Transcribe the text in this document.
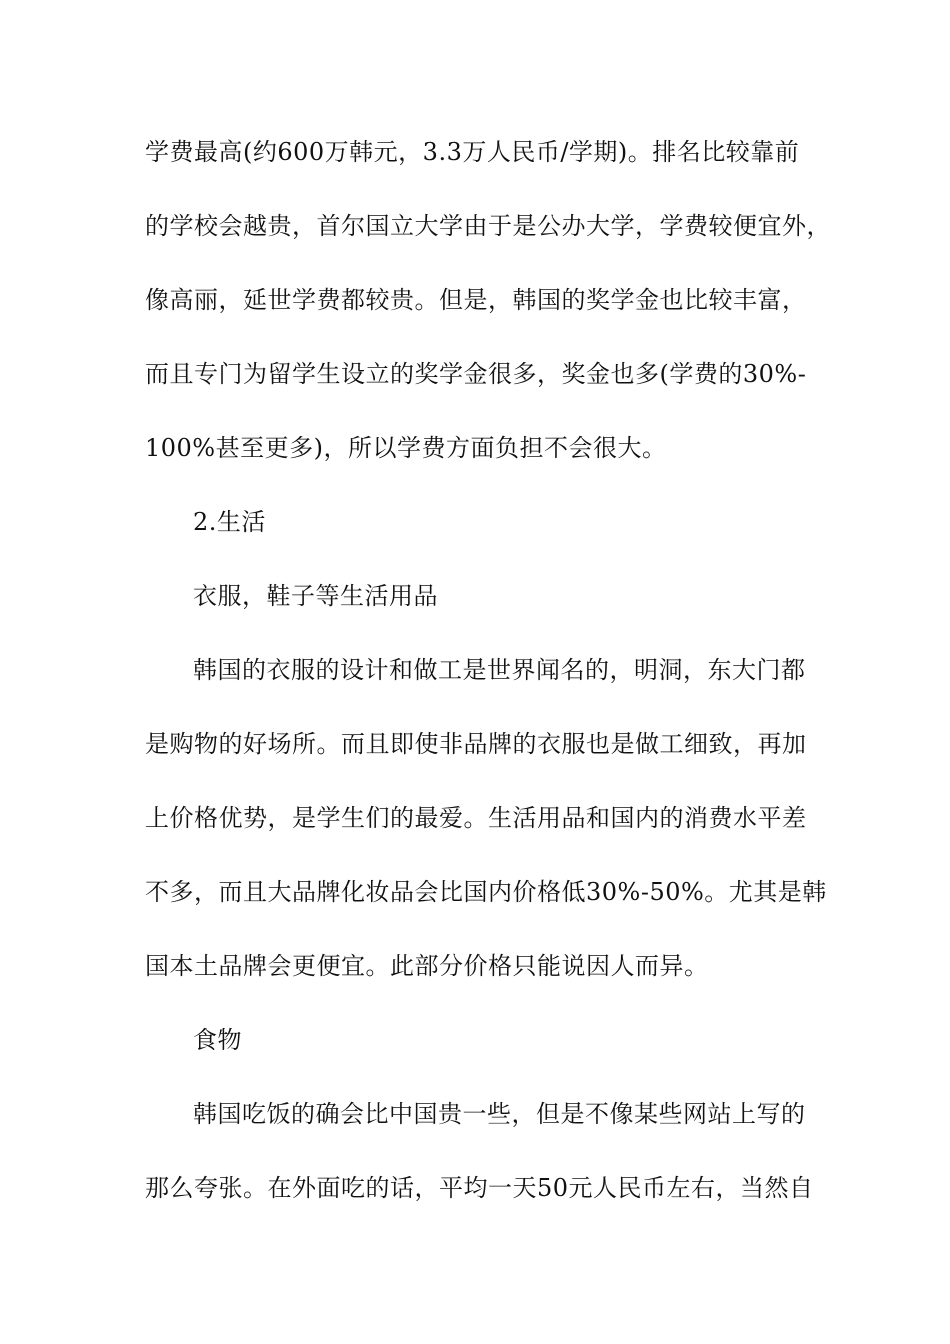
学费最高(约600万韩元，3.3万人民币/学期)。排名比较靠前
的学校会越贵，首尔国立大学由于是公办大学，学费较便宜外，
像高丽，延世学费都较贵。但是，韩国的奖学金也比较丰富，
而且专门为留学生设立的奖学金很多，奖金也多(学费的30%-
100%甚至更多)，所以学费方面负担不会很大。
2.生活
衣服，鞋子等生活用品
韩国的衣服的设计和做工是世界闻名的，明洞，东大门都
是购物的好场所。而且即使非品牌的衣服也是做工细致，再加
上价格优势，是学生们的最爱。生活用品和国内的消费水平差
不多，而且大品牌化妆品会比国内价格低30%-50%。尤其是韩
国本土品牌会更便宜。此部分价格只能说因人而异。
食物
韩国吃饭的确会比中国贵一些，但是不像某些网站上写的
那么夸张。在外面吃的话，平均一天50元人民币左右，当然自
